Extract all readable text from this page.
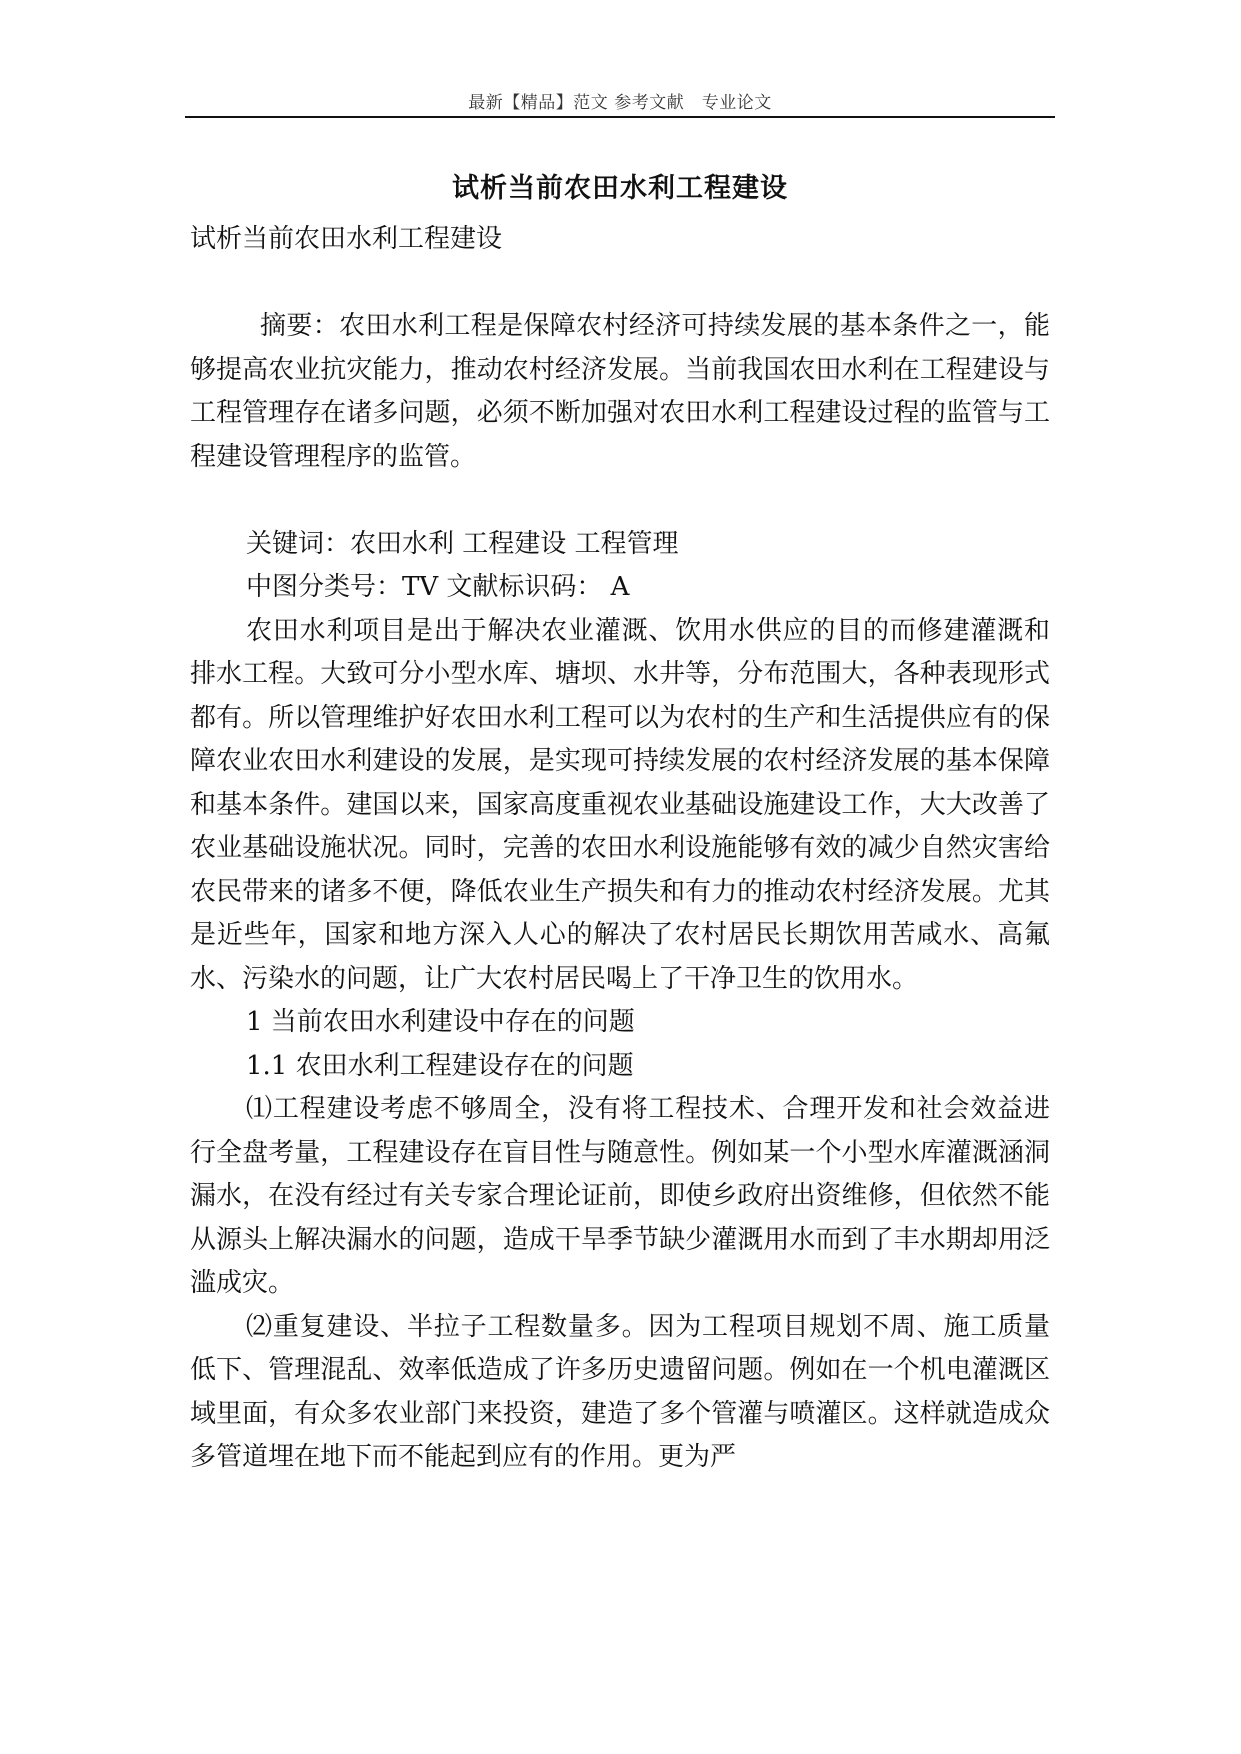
最新【精品】范文 参考文献　专业论文
试析当前农田水利工程建设

试析当前农田水利工程建设

摘要：农田水利工程是保障农村经济可持续发展的基本条件之一，能够提高农业抗灾能力，推动农村经济发展。当前我国农田水利在工程建设与工程管理存在诸多问题，必须不断加强对农田水利工程建设过程的监管与工程建设管理程序的监管。

关键词：农田水利 工程建设 工程管理

中图分类号：TV 文献标识码： A

农田水利项目是出于解决农业灌溉、饮用水供应的目的而修建灌溉和排水工程。大致可分小型水库、塘坝、水井等，分布范围大，各种表现形式都有。所以管理维护好农田水利工程可以为农村的生产和生活提供应有的保障农业农田水利建设的发展，是实现可持续发展的农村经济发展的基本保障和基本条件。建国以来，国家高度重视农业基础设施建设工作，大大改善了农业基础设施状况。同时，完善的农田水利设施能够有效的减少自然灾害给农民带来的诸多不便，降低农业生产损失和有力的推动农村经济发展。尤其是近些年，国家和地方深入人心的解决了农村居民长期饮用苦咸水、高氟水、污染水的问题，让广大农村居民喝上了干净卫生的饮用水。

1 当前农田水利建设中存在的问题

1.1 农田水利工程建设存在的问题

⑴工程建设考虑不够周全，没有将工程技术、合理开发和社会效益进行全盘考量，工程建设存在盲目性与随意性。例如某一个小型水库灌溉涵洞漏水，在没有经过有关专家合理论证前，即使乡政府出资维修，但依然不能从源头上解决漏水的问题，造成干旱季节缺少灌溉用水而到了丰水期却用泛滥成灾。

⑵重复建设、半拉子工程数量多。因为工程项目规划不周、施工质量低下、管理混乱、效率低造成了许多历史遗留问题。例如在一个机电灌溉区域里面，有众多农业部门来投资，建造了多个管灌与喷灌区。这样就造成众多管道埋在地下而不能起到应有的作用。更为严
